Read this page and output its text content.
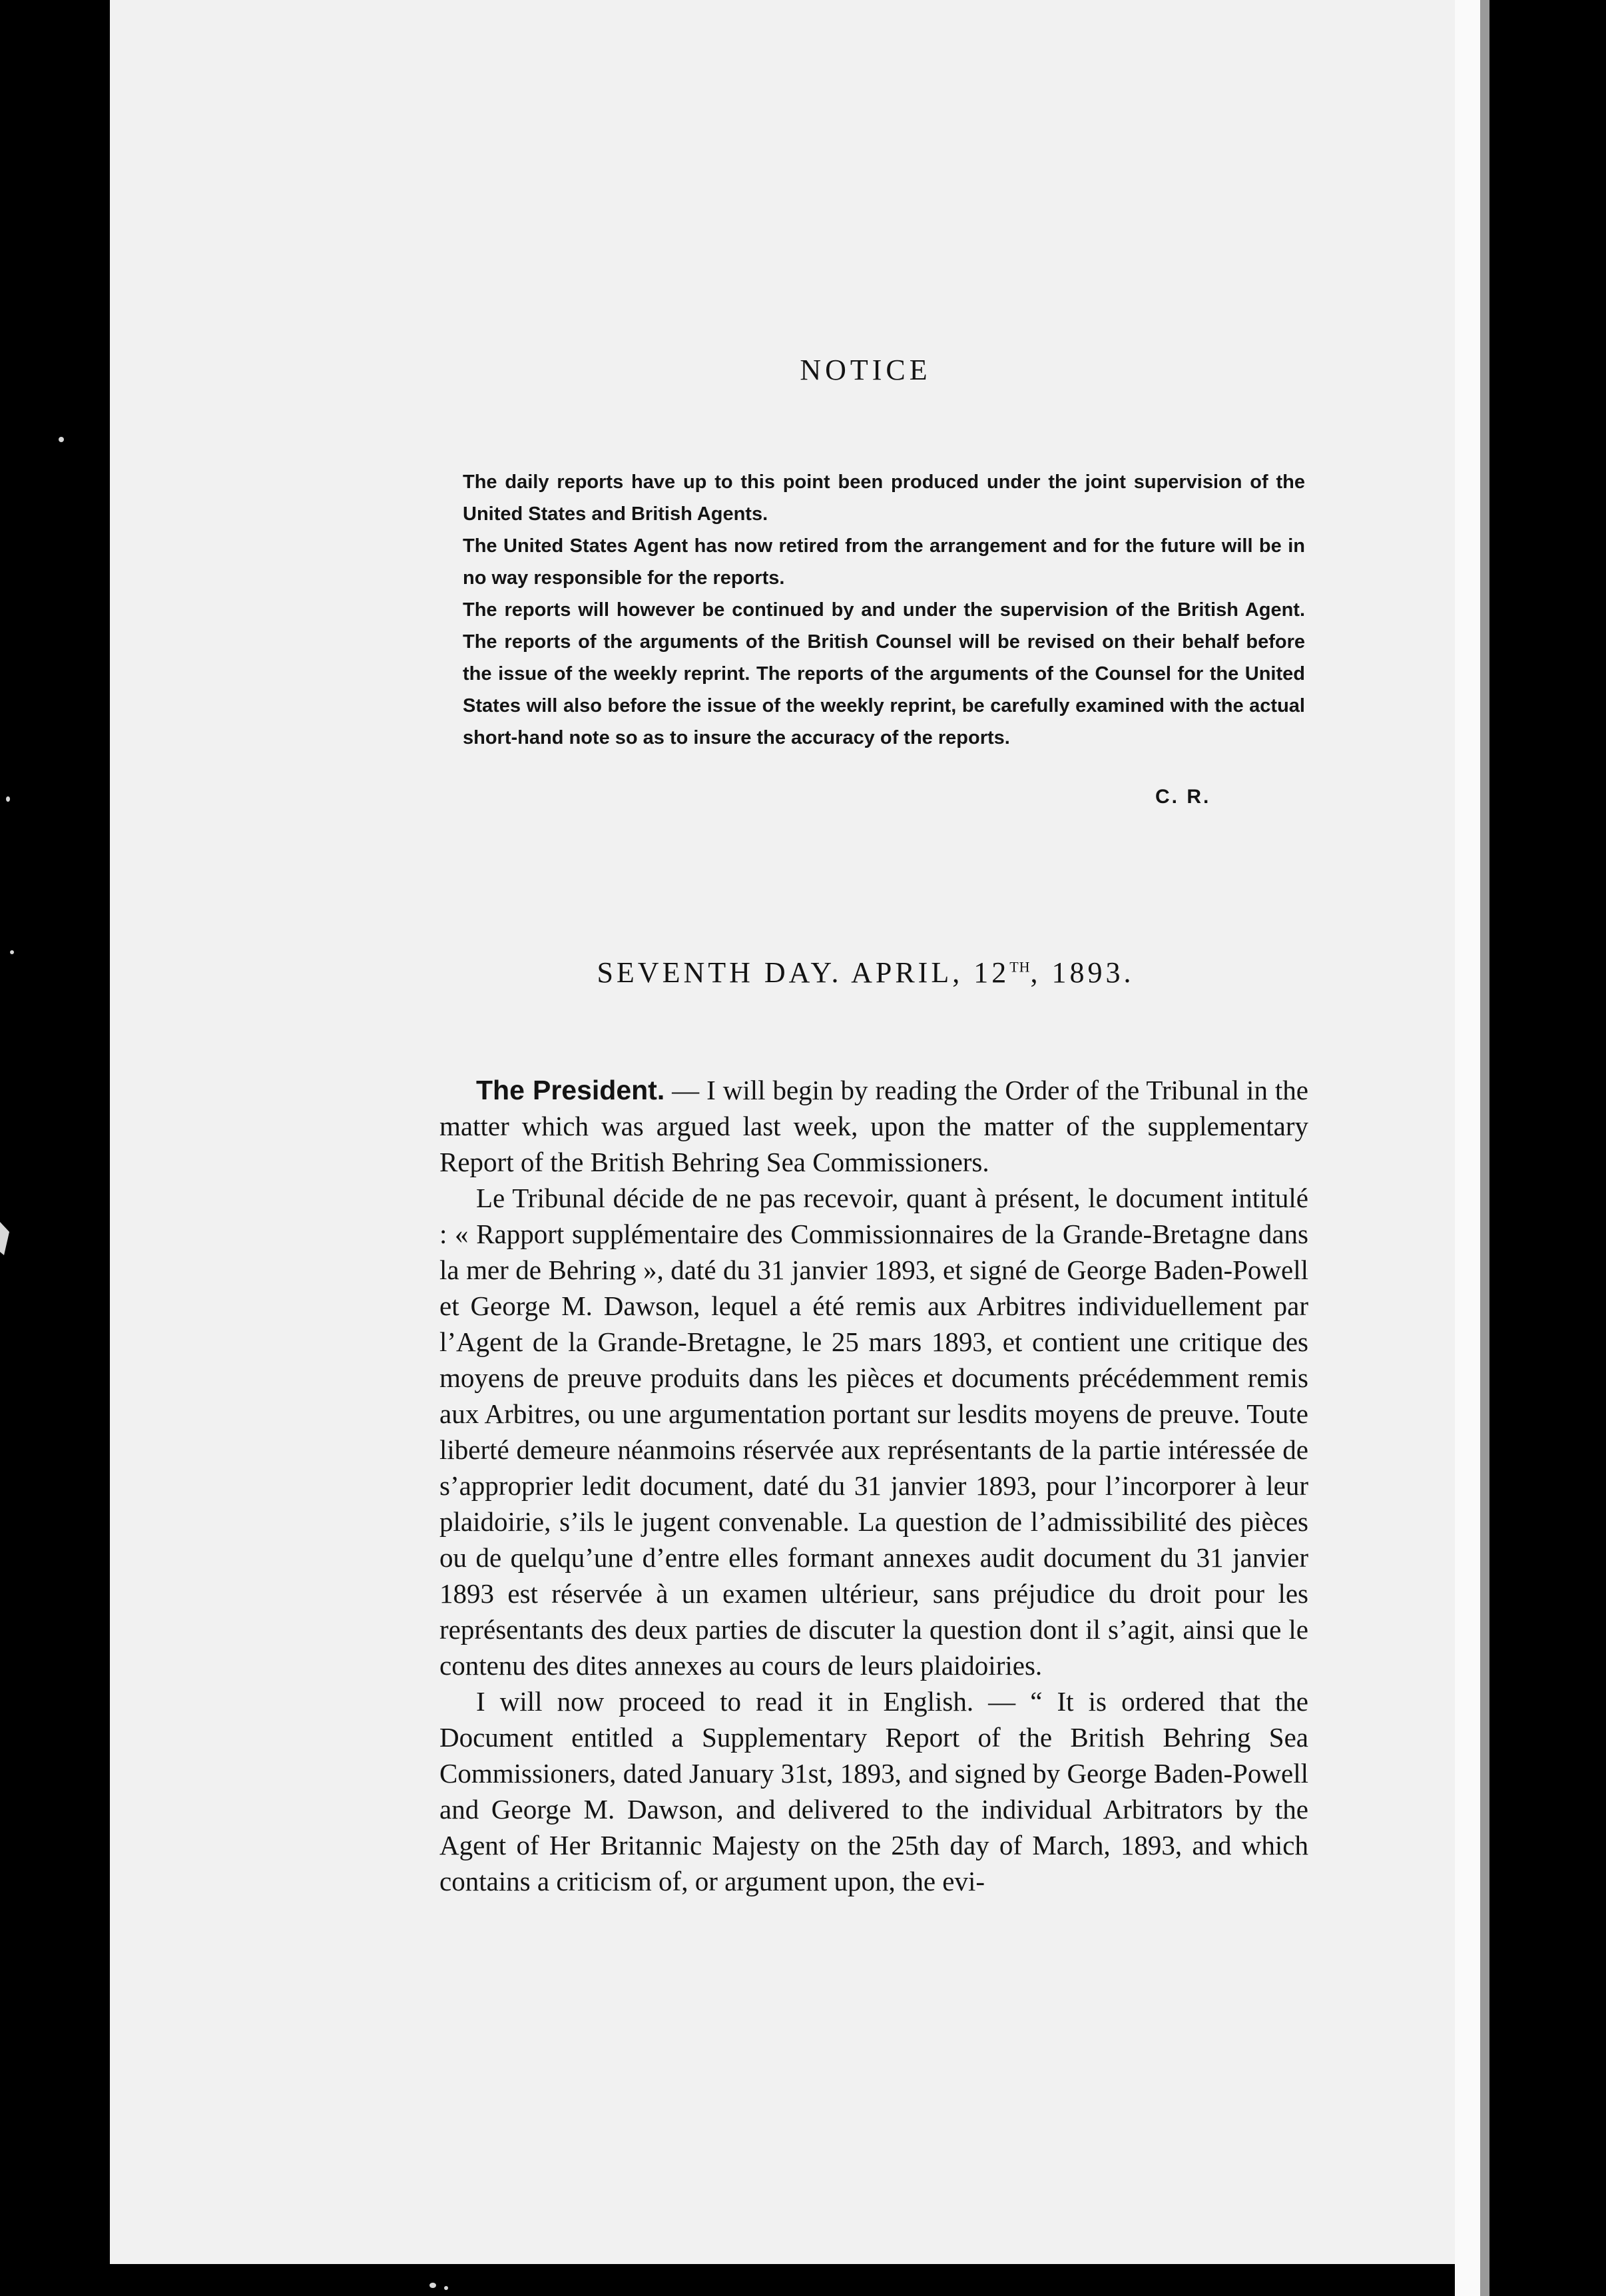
NOTICE

The daily reports have up to this point been produced under the joint supervision of the United States and British Agents.

The United States Agent has now retired from the arrangement and for the future will be in no way responsible for the reports.

The reports will however be continued by and under the supervision of the British Agent. The reports of the arguments of the British Counsel will be revised on their behalf before the issue of the weekly reprint. The reports of the arguments of the Counsel for the United States will also before the issue of the weekly reprint, be carefully examined with the actual short-hand note so as to insure the accuracy of the reports.

C. R.
SEVENTH DAY. APRIL, 12TH, 1893.

The President. — I will begin by reading the Order of the Tribunal in the matter which was argued last week, upon the matter of the supplementary Report of the British Behring Sea Commissioners.

Le Tribunal décide de ne pas recevoir, quant à présent, le document intitulé : « Rapport supplémentaire des Commissionnaires de la Grande-Bretagne dans la mer de Behring », daté du 31 janvier 1893, et signé de George Baden-Powell et George M. Dawson, lequel a été remis aux Arbitres individuellement par l’Agent de la Grande-Bretagne, le 25 mars 1893, et contient une critique des moyens de preuve produits dans les pièces et documents précédemment remis aux Arbitres, ou une argumentation portant sur lesdits moyens de preuve. Toute liberté demeure néanmoins réservée aux représentants de la partie intéressée de s’approprier ledit document, daté du 31 janvier 1893, pour l’incorporer à leur plaidoirie, s’ils le jugent convenable. La question de l’admissibilité des pièces ou de quelqu’une d’entre elles formant annexes audit document du 31 janvier 1893 est réservée à un examen ultérieur, sans préjudice du droit pour les représentants des deux parties de discuter la question dont il s’agit, ainsi que le contenu des dites annexes au cours de leurs plaidoiries.

I will now proceed to read it in English. — “ It is ordered that the Document entitled a Supplementary Report of the British Behring Sea Commissioners, dated January 31st, 1893, and signed by George Baden-Powell and George M. Dawson, and delivered to the individual Arbitrators by the Agent of Her Britannic Majesty on the 25th day of March, 1893, and which contains a criticism of, or argument upon, the evi-
